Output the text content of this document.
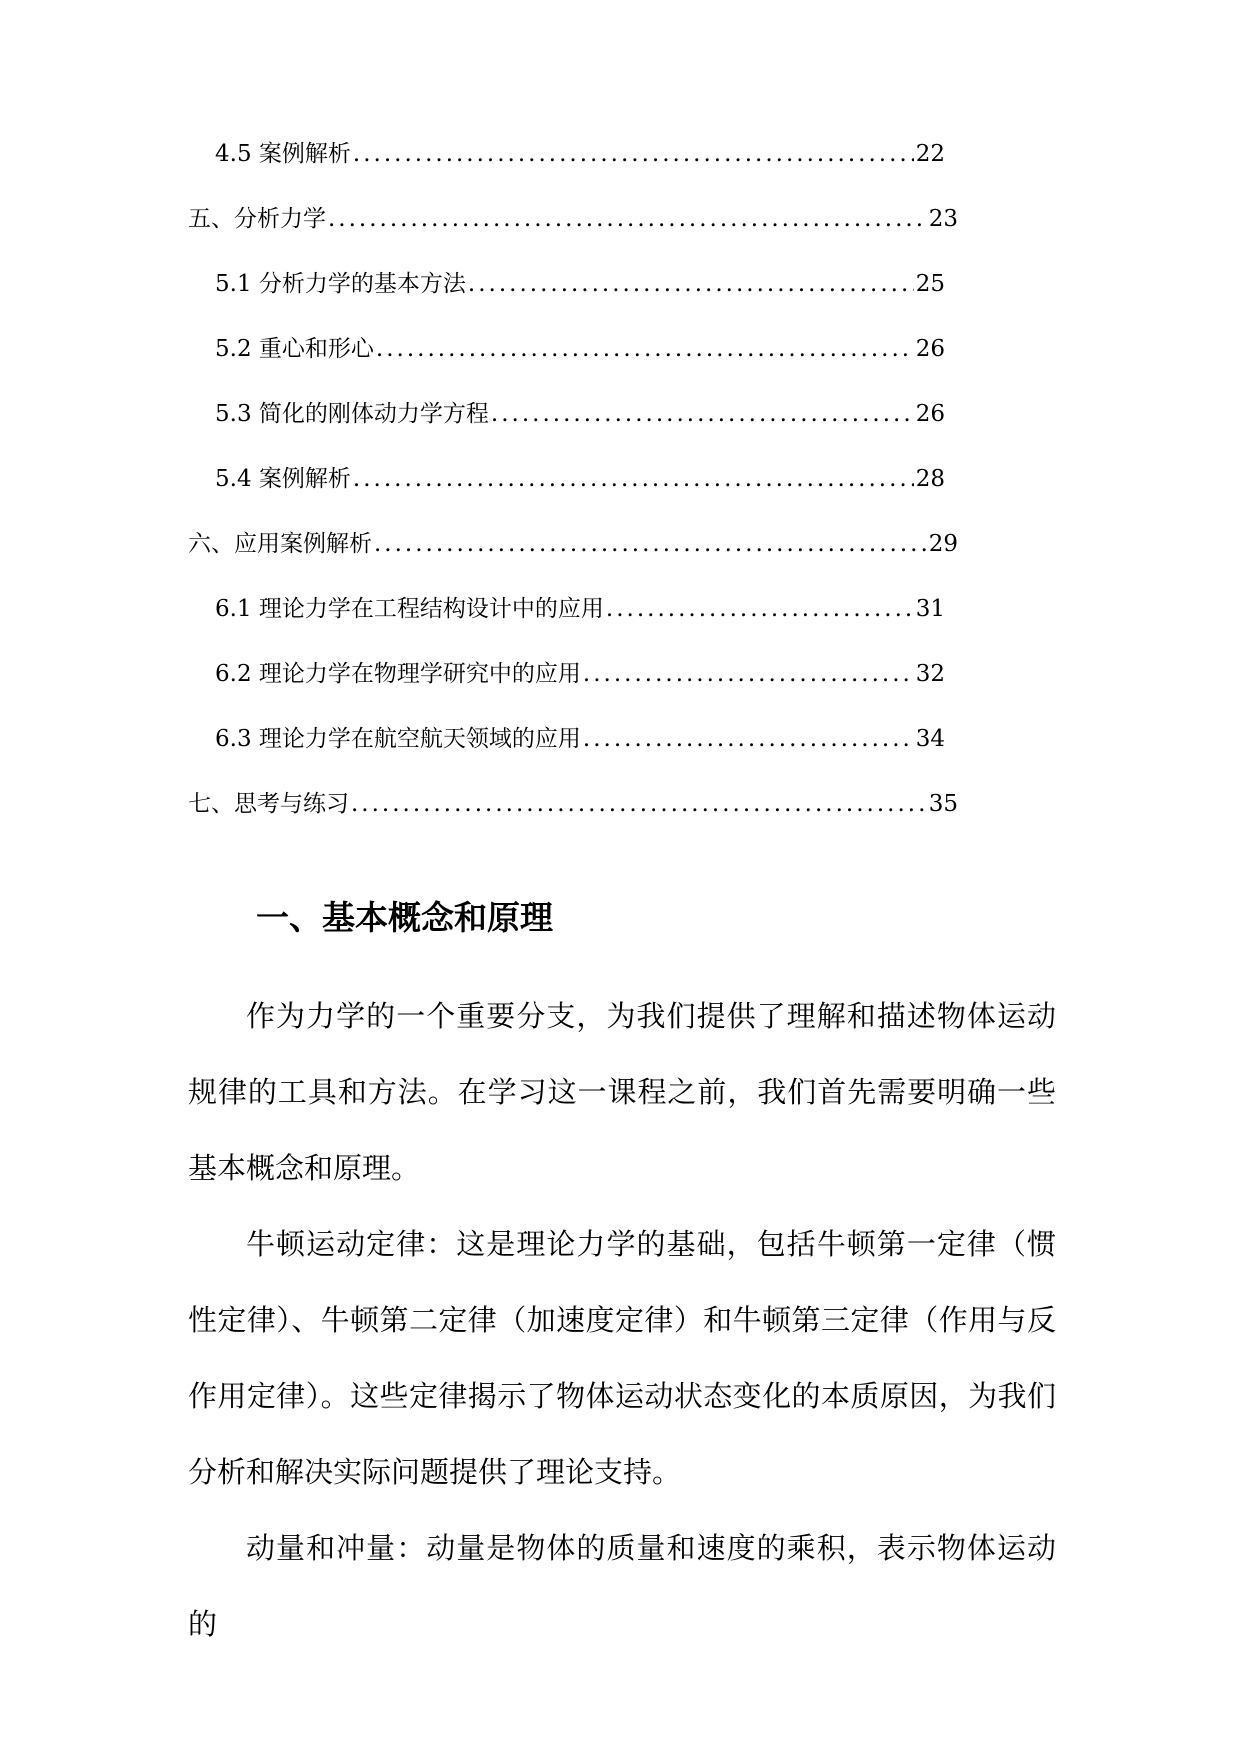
4.5 案例解析 .....	22
五、分析力学 .....	23
5.1 分析力学的基本方法 .....	25
5.2 重心和形心 .....	26
5.3 简化的刚体动力学方程 .....	26
5.4 案例解析 .....	28
六、应用案例解析 .....	29
6.1 理论力学在工程结构设计中的应用 .....	31
6.2 理论力学在物理学研究中的应用 .....	32
6.3 理论力学在航空航天领域的应用 .....	34
七、思考与练习 .....	35
一、基本概念和原理

作为力学的一个重要分支，为我们提供了理解和描述物体运动规律的工具和方法。在学习这一课程之前，我们首先需要明确一些基本概念和原理。

牛顿运动定律：这是理论力学的基础，包括牛顿第一定律（惯性定律）、牛顿第二定律（加速度定律）和牛顿第三定律（作用与反作用定律）。这些定律揭示了物体运动状态变化的本质原因，为我们分析和解决实际问题提供了理论支持。

动量和冲量：动量是物体的质量和速度的乘积，表示物体运动的
